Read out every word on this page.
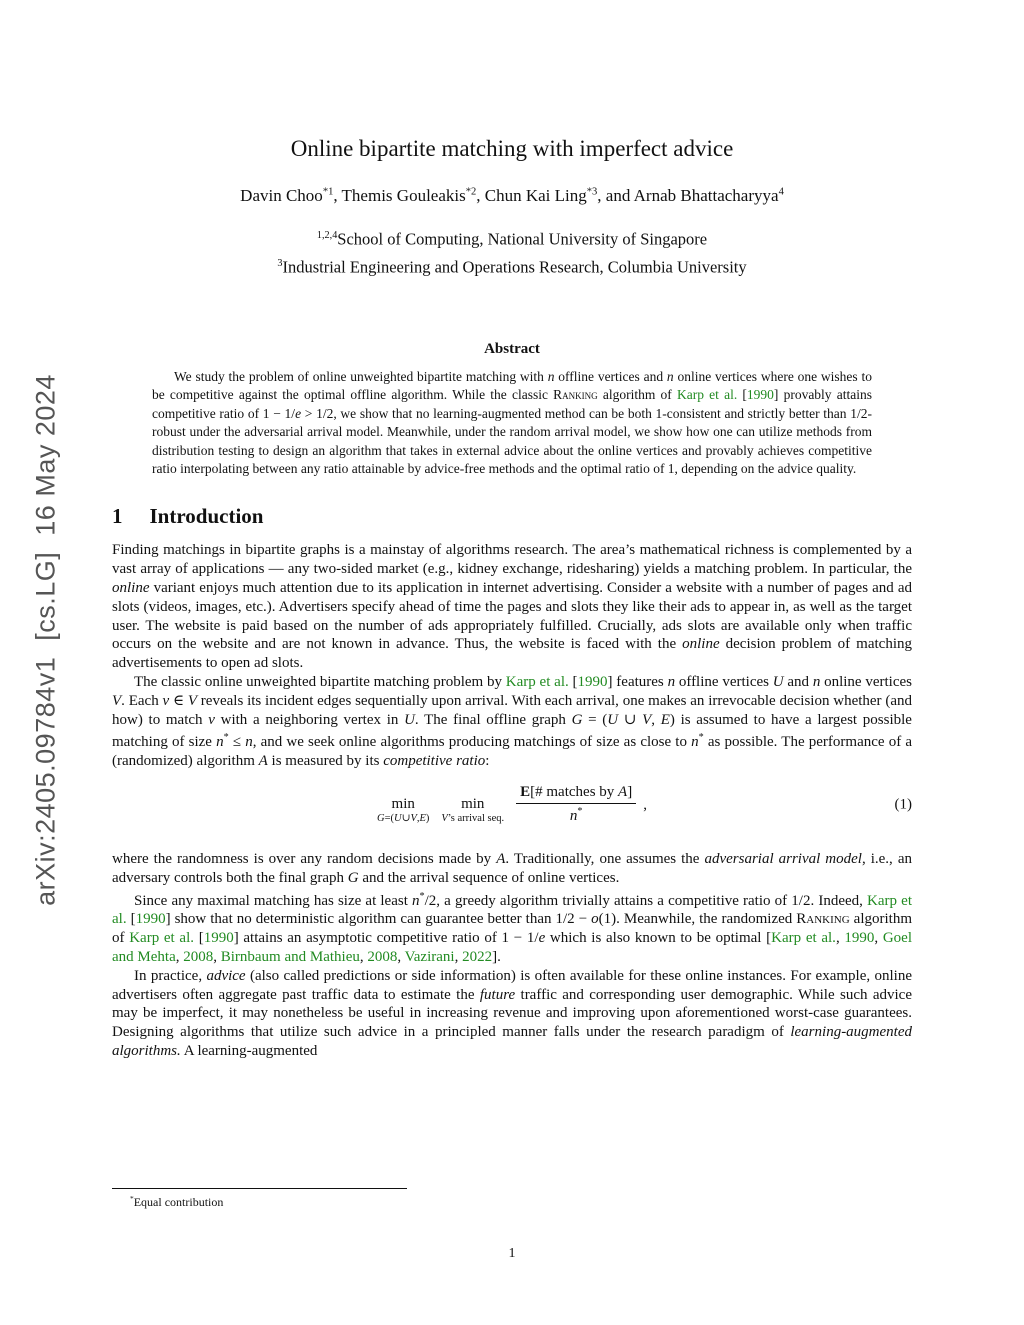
arXiv:2405.09784v1  [cs.LG]  16 May 2024
Online bipartite matching with imperfect advice
Davin Choo$^{*1}$, Themis Gouleakis$^{*2}$, Chun Kai Ling$^{*3}$, and Arnab Bhattacharyya$^4$
$^{1,2,4}$School of Computing, National University of Singapore
$^3$Industrial Engineering and Operations Research, Columbia University
Abstract

We study the problem of online unweighted bipartite matching with n offline vertices and n online vertices where one wishes to be competitive against the optimal offline algorithm. While the classic Ranking algorithm of Karp et al. [1990] provably attains competitive ratio of 1 − 1/e > 1/2, we show that no learning-augmented method can be both 1-consistent and strictly better than 1/2-robust under the adversarial arrival model. Meanwhile, under the random arrival model, we show how one can utilize methods from distribution testing to design an algorithm that takes in external advice about the online vertices and provably achieves competitive ratio interpolating between any ratio attainable by advice-free methods and the optimal ratio of 1, depending on the advice quality.

1 Introduction

Finding matchings in bipartite graphs is a mainstay of algorithms research. The area’s mathematical richness is complemented by a vast array of applications — any two-sided market (e.g., kidney exchange, ridesharing) yields a matching problem. In particular, the online variant enjoys much attention due to its application in internet advertising. Consider a website with a number of pages and ad slots (videos, images, etc.). Advertisers specify ahead of time the pages and slots they like their ads to appear in, as well as the target user. The website is paid based on the number of ads appropriately fulfilled. Crucially, ads slots are available only when traffic occurs on the website and are not known in advance. Thus, the website is faced with the online decision problem of matching advertisements to open ad slots.

The classic online unweighted bipartite matching problem by Karp et al. [1990] features n offline vertices U and n online vertices V. Each v ∈ V reveals its incident edges sequentially upon arrival. With each arrival, one makes an irrevocable decision whether (and how) to match v with a neighboring vertex in U. The final offline graph G = (U ∪ V, E) is assumed to have a largest possible matching of size n* ≤ n, and we seek online algorithms producing matchings of size as close to n* as possible. The performance of a (randomized) algorithm A is measured by its competitive ratio:

min
G=(U∪V,E)
min
V’s arrival seq. $\frac{\text{E[\# matches by A]}}{n^*}$ ,	(1)

where the randomness is over any random decisions made by A. Traditionally, one assumes the adversarial arrival model, i.e., an adversary controls both the final graph G and the arrival sequence of online vertices.

Since any maximal matching has size at least n*/2, a greedy algorithm trivially attains a competitive ratio of 1/2. Indeed, Karp et al. [1990] show that no deterministic algorithm can guarantee better than 1/2 − o(1). Meanwhile, the randomized Ranking algorithm of Karp et al. [1990] attains an asymptotic competitive ratio of 1 − 1/e which is also known to be optimal [Karp et al., 1990, Goel and Mehta, 2008, Birnbaum and Mathieu, 2008, Vazirani, 2022].

In practice, advice (also called predictions or side information) is often available for these online instances. For example, online advertisers often aggregate past traffic data to estimate the future traffic and corresponding user demographic. While such advice may be imperfect, it may nonetheless be useful in increasing revenue and improving upon aforementioned worst-case guarantees. Designing algorithms that utilize such advice in a principled manner falls under the research paradigm of learning-augmented algorithms. A learning-augmented

*Equal contribution
1
